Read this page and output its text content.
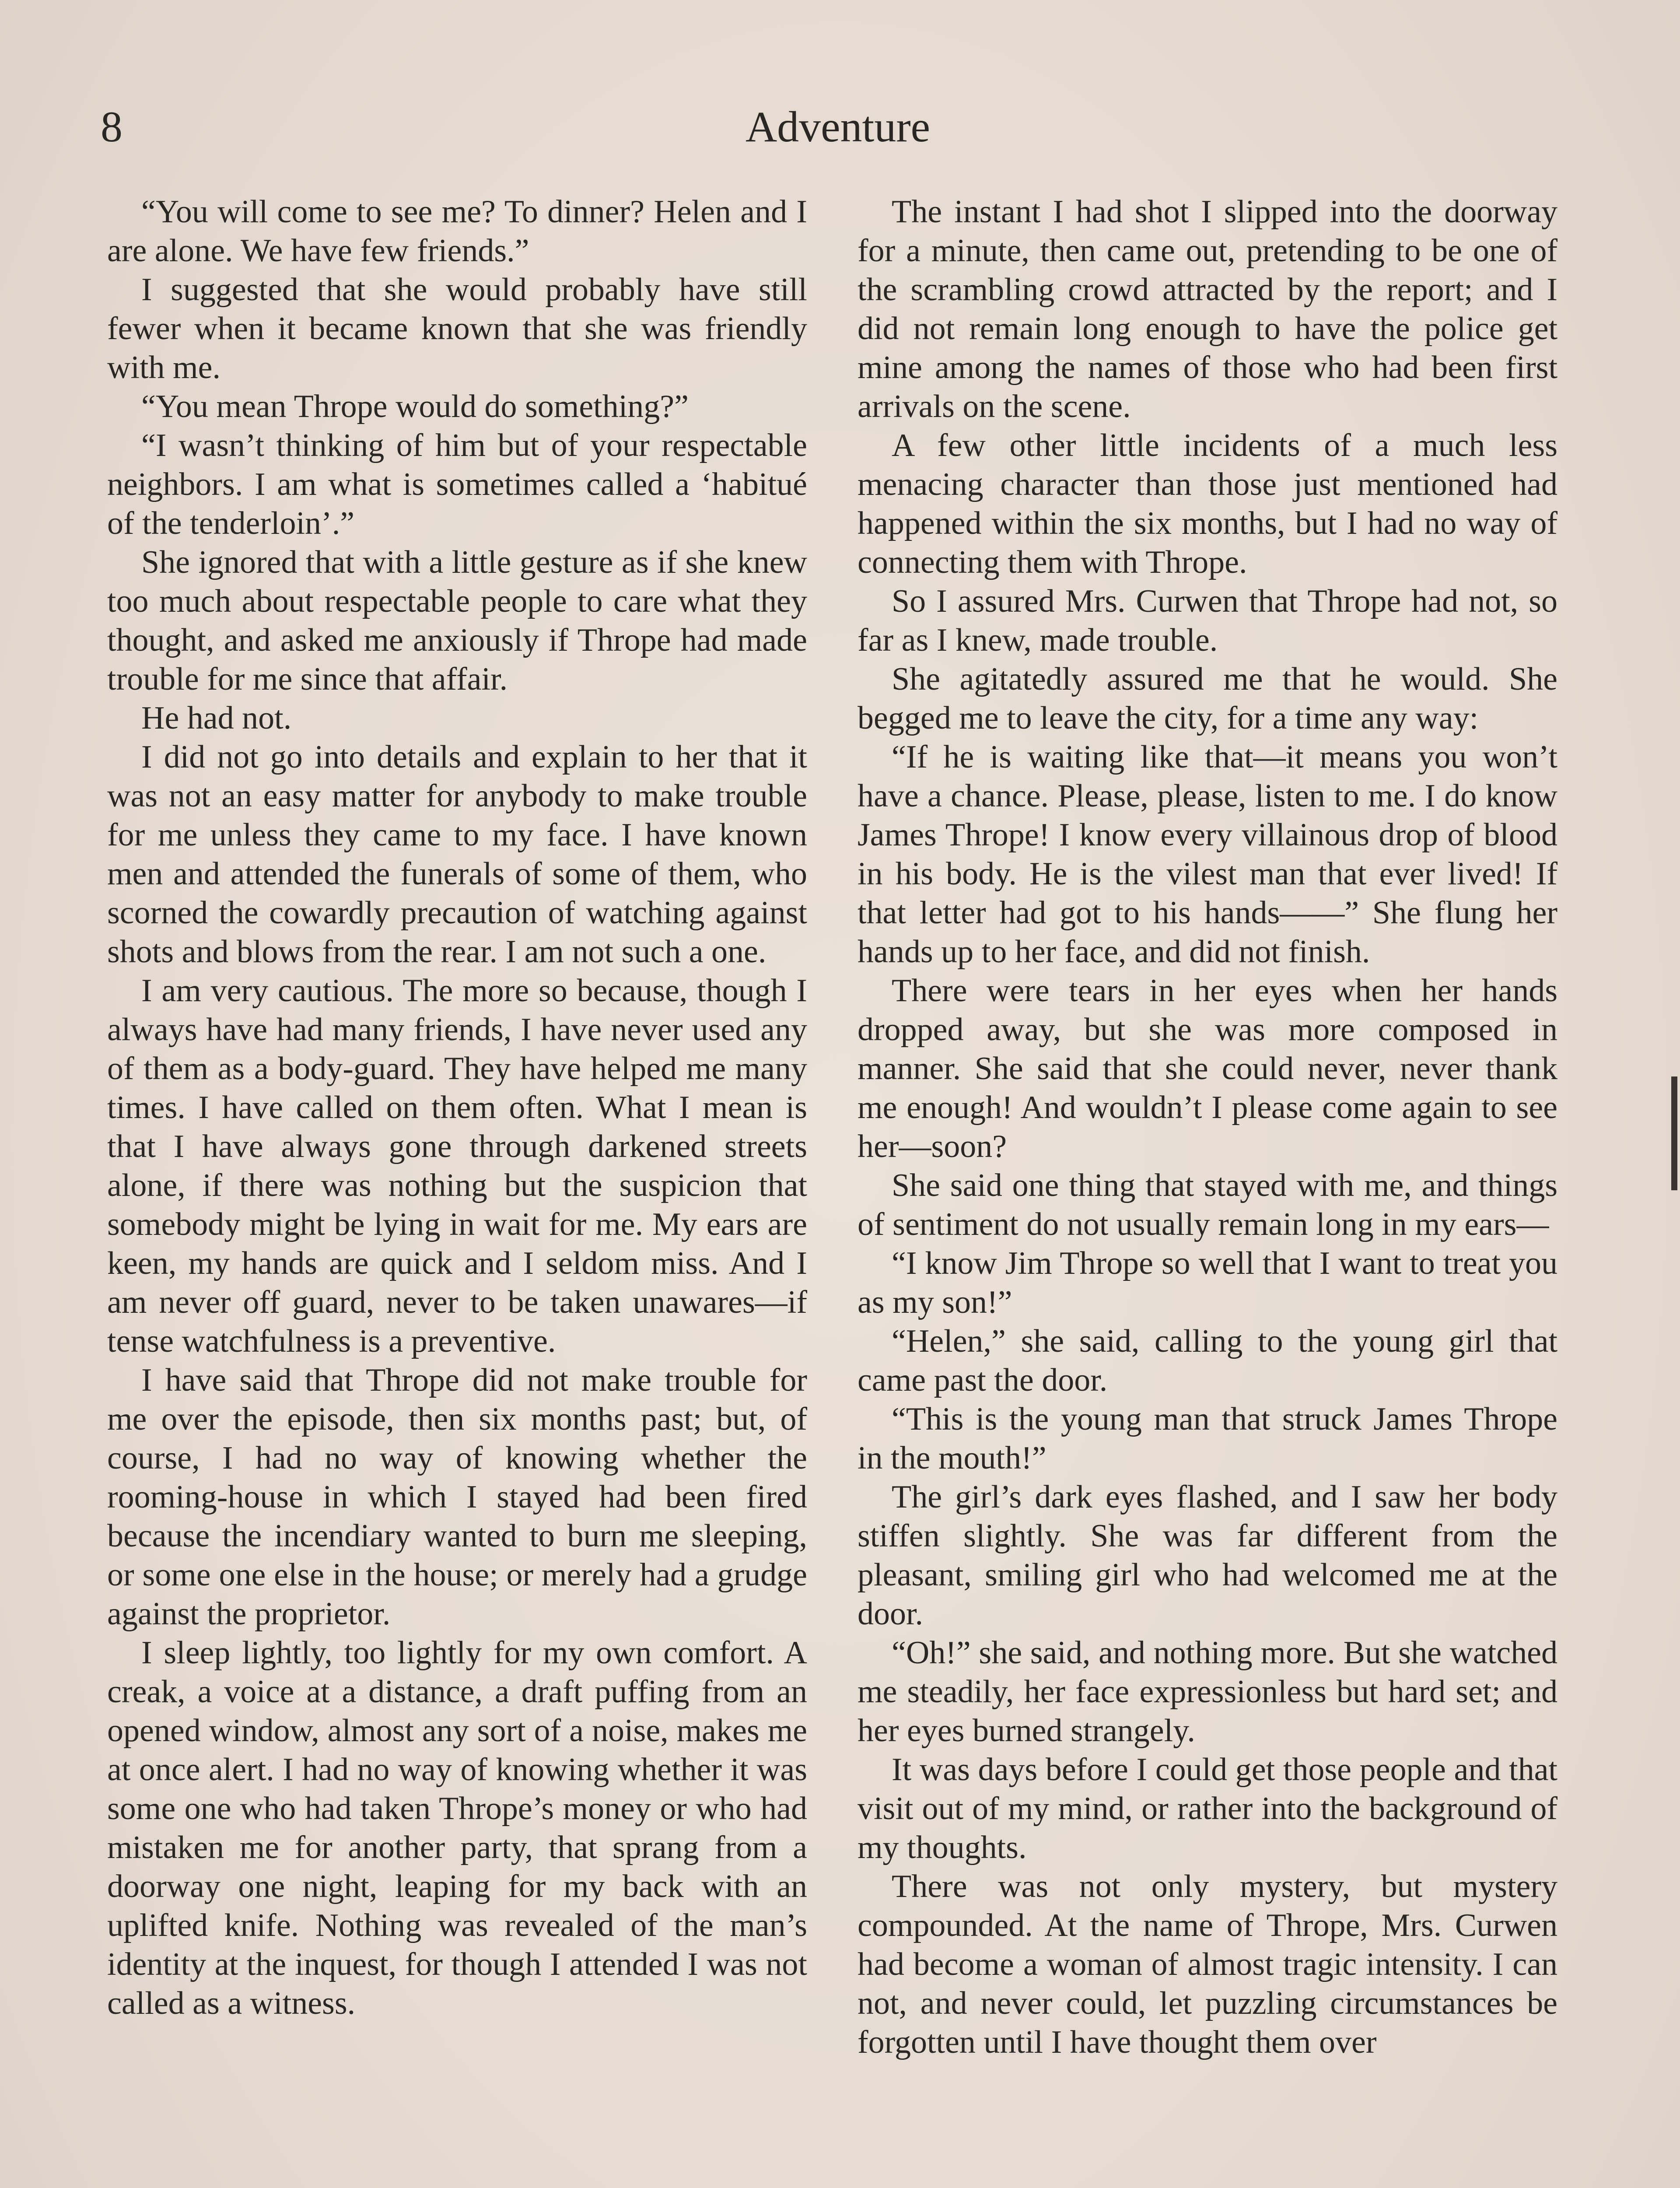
8	Adventure

“You will come to see me? To dinner? Helen and I are alone. We have few friends.”

I suggested that she would probably have still fewer when it became known that she was friendly with me.

“You mean Thrope would do something?”

“I wasn’t thinking of him but of your respectable neighbors. I am what is sometimes called a ‘habitué of the tenderloin’.”

She ignored that with a little gesture as if she knew too much about respectable people to care what they thought, and asked me anxiously if Thrope had made trouble for me since that affair.

He had not.

I did not go into details and explain to her that it was not an easy matter for anybody to make trouble for me unless they came to my face. I have known men and attended the funerals of some of them, who scorned the cowardly precaution of watching against shots and blows from the rear. I am not such a one.

I am very cautious. The more so because, though I always have had many friends, I have never used any of them as a body-guard. They have helped me many times. I have called on them often. What I mean is that I have always gone through darkened streets alone, if there was nothing but the suspicion that somebody might be lying in wait for me. My ears are keen, my hands are quick and I seldom miss. And I am never off guard, never to be taken unawares—if tense watchfulness is a preventive.

I have said that Thrope did not make trouble for me over the episode, then six months past; but, of course, I had no way of knowing whether the rooming-house in which I stayed had been fired because the incendiary wanted to burn me sleeping, or some one else in the house; or merely had a grudge against the proprietor.

I sleep lightly, too lightly for my own comfort. A creak, a voice at a distance, a draft puffing from an opened window, almost any sort of a noise, makes me at once alert. I had no way of knowing whether it was some one who had taken Thrope’s money or who had mistaken me for another party, that sprang from a doorway one night, leaping for my back with an uplifted knife. Nothing was revealed of the man’s identity at the inquest, for though I attended I was not called as a witness.

The instant I had shot I slipped into the doorway for a minute, then came out, pretending to be one of the scrambling crowd attracted by the report; and I did not remain long enough to have the police get mine among the names of those who had been first arrivals on the scene.

A few other little incidents of a much less menacing character than those just mentioned had happened within the six months, but I had no way of connecting them with Thrope.

So I assured Mrs. Curwen that Thrope had not, so far as I knew, made trouble.

She agitatedly assured me that he would. She begged me to leave the city, for a time any way:

“If he is waiting like that—it means you won’t have a chance. Please, please, listen to me. I do know James Thrope! I know every villainous drop of blood in his body. He is the vilest man that ever lived! If that letter had got to his hands——” She flung her hands up to her face, and did not finish.

There were tears in her eyes when her hands dropped away, but she was more composed in manner. She said that she could never, never thank me enough! And wouldn’t I please come again to see her—soon?

She said one thing that stayed with me, and things of sentiment do not usually remain long in my ears—

“I know Jim Thrope so well that I want to treat you as my son!”

“Helen,” she said, calling to the young girl that came past the door.

“This is the young man that struck James Thrope in the mouth!”

The girl’s dark eyes flashed, and I saw her body stiffen slightly. She was far different from the pleasant, smiling girl who had welcomed me at the door.

“Oh!” she said, and nothing more. But she watched me steadily, her face expressionless but hard set; and her eyes burned strangely.

It was days before I could get those people and that visit out of my mind, or rather into the background of my thoughts.

There was not only mystery, but mystery compounded. At the name of Thrope, Mrs. Curwen had become a woman of almost tragic intensity. I can not, and never could, let puzzling circumstances be forgotten until I have thought them over
